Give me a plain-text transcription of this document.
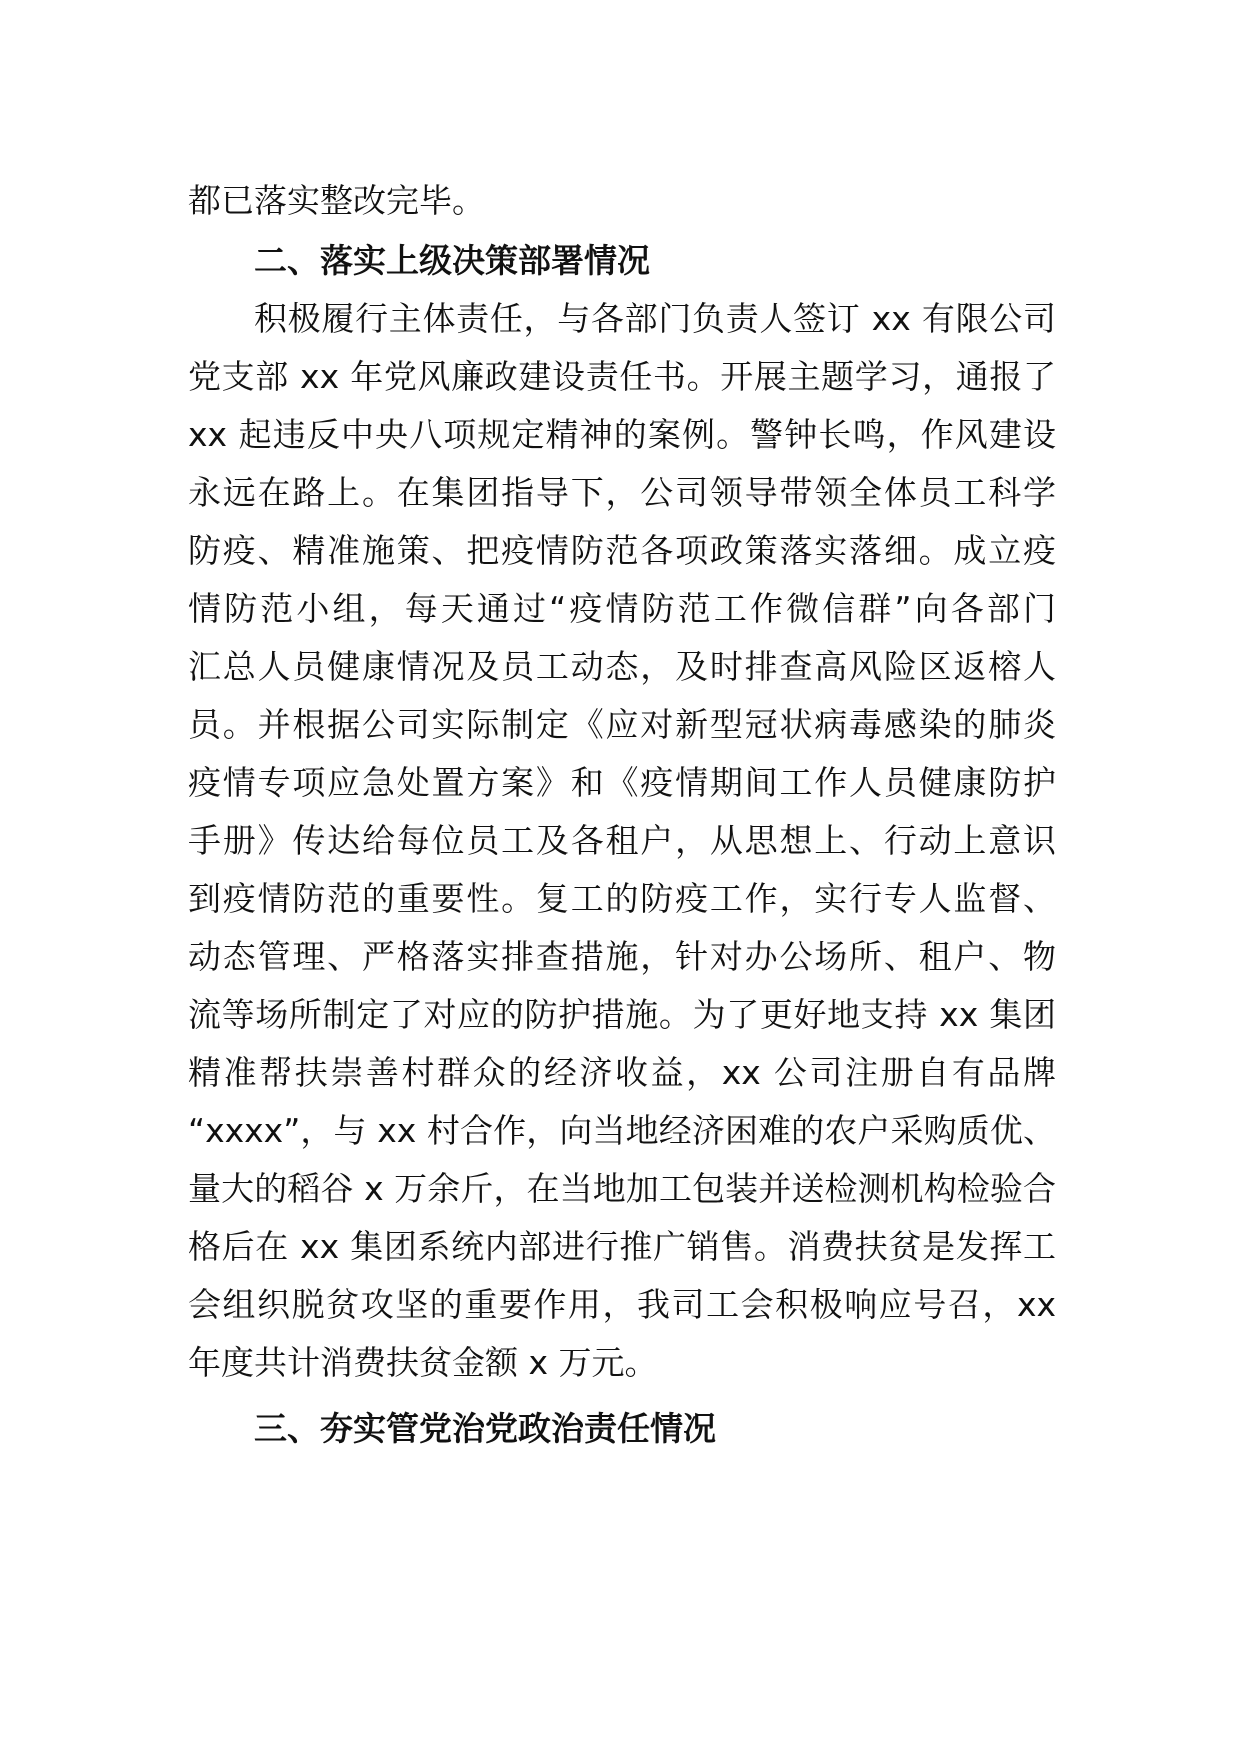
都已落实整改完毕。
二、落实上级决策部署情况
积极履行主体责任，与各部门负责人签订 xx 有限公司
党支部 xx 年党风廉政建设责任书。开展主题学习，通报了
xx 起违反中央八项规定精神的案例。警钟长鸣，作风建设
永远在路上。在集团指导下，公司领导带领全体员工科学
防疫、精准施策、把疫情防范各项政策落实落细。成立疫
情防范小组，每天通过“疫情防范工作微信群”向各部门
汇总人员健康情况及员工动态，及时排查高风险区返榕人
员。并根据公司实际制定《应对新型冠状病毒感染的肺炎
疫情专项应急处置方案》和《疫情期间工作人员健康防护
手册》传达给每位员工及各租户，从思想上、行动上意识
到疫情防范的重要性。复工的防疫工作，实行专人监督、
动态管理、严格落实排查措施，针对办公场所、租户、物
流等场所制定了对应的防护措施。为了更好地支持 xx 集团
精准帮扶崇善村群众的经济收益，xx 公司注册自有品牌
“xxxx”，与 xx 村合作，向当地经济困难的农户采购质优、
量大的稻谷 x 万余斤，在当地加工包装并送检测机构检验合
格后在 xx 集团系统内部进行推广销售。消费扶贫是发挥工
会组织脱贫攻坚的重要作用，我司工会积极响应号召，xx
年度共计消费扶贫金额 x 万元。
三、夯实管党治党政治责任情况
